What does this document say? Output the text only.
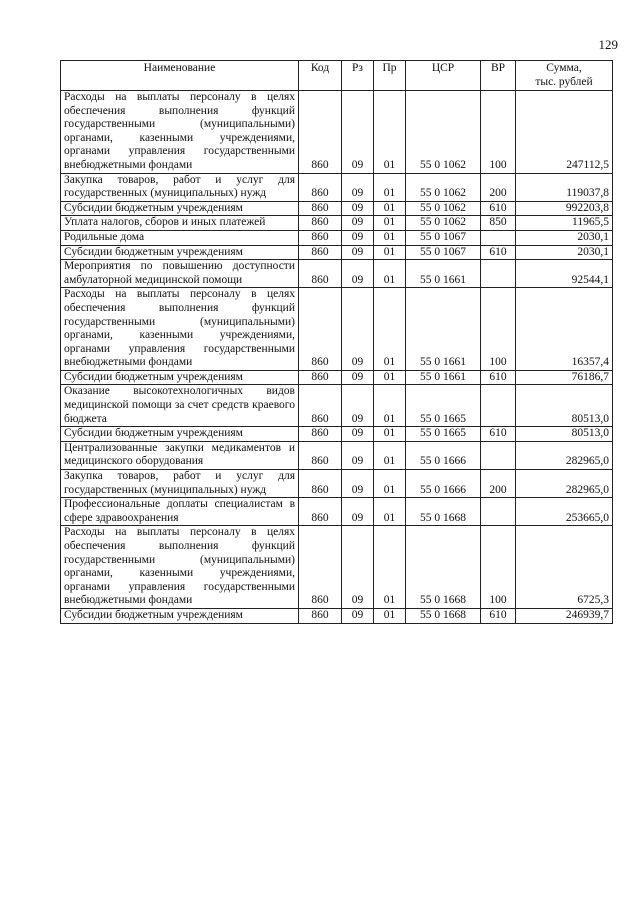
129
Наименование	Код	Рз	Пр	ЦСР	ВР	Сумма,
тыс. рублей

Расходы на выплаты персоналу в целях обеспечения выполнения функций государственными (муниципальными) органами, казенными учреждениями, органами управления государственными внебюджетными фондами	860	09	01	55 0 1062	100	247112,5
Закупка товаров, работ и услуг для государственных (муниципальных) нужд	860	09	01	55 0 1062	200	119037,8
Субсидии бюджетным учреждениям	860	09	01	55 0 1062	610	992203,8
Уплата налогов, сборов и иных платежей	860	09	01	55 0 1062	850	11965,5
Родильные дома	860	09	01	55 0 1067		2030,1
Субсидии бюджетным учреждениям	860	09	01	55 0 1067	610	2030,1
Мероприятия по повышению доступности амбулаторной медицинской помощи	860	09	01	55 0 1661		92544,1
Расходы на выплаты персоналу в целях обеспечения выполнения функций государственными (муниципальными) органами, казенными учреждениями, органами управления государственными внебюджетными фондами	860	09	01	55 0 1661	100	16357,4
Субсидии бюджетным учреждениям	860	09	01	55 0 1661	610	76186,7
Оказание высокотехнологичных видов медицинской помощи за счет средств краевого бюджета	860	09	01	55 0 1665		80513,0
Субсидии бюджетным учреждениям	860	09	01	55 0 1665	610	80513,0
Централизованные закупки медикаментов и медицинского оборудования	860	09	01	55 0 1666		282965,0
Закупка товаров, работ и услуг для государственных (муниципальных) нужд	860	09	01	55 0 1666	200	282965,0
Профессиональные доплаты специалистам в сфере здравоохранения	860	09	01	55 0 1668		253665,0
Расходы на выплаты персоналу в целях обеспечения выполнения функций государственными (муниципальными) органами, казенными учреждениями, органами управления государственными внебюджетными фондами	860	09	01	55 0 1668	100	6725,3
Субсидии бюджетным учреждениям	860	09	01	55 0 1668	610	246939,7
